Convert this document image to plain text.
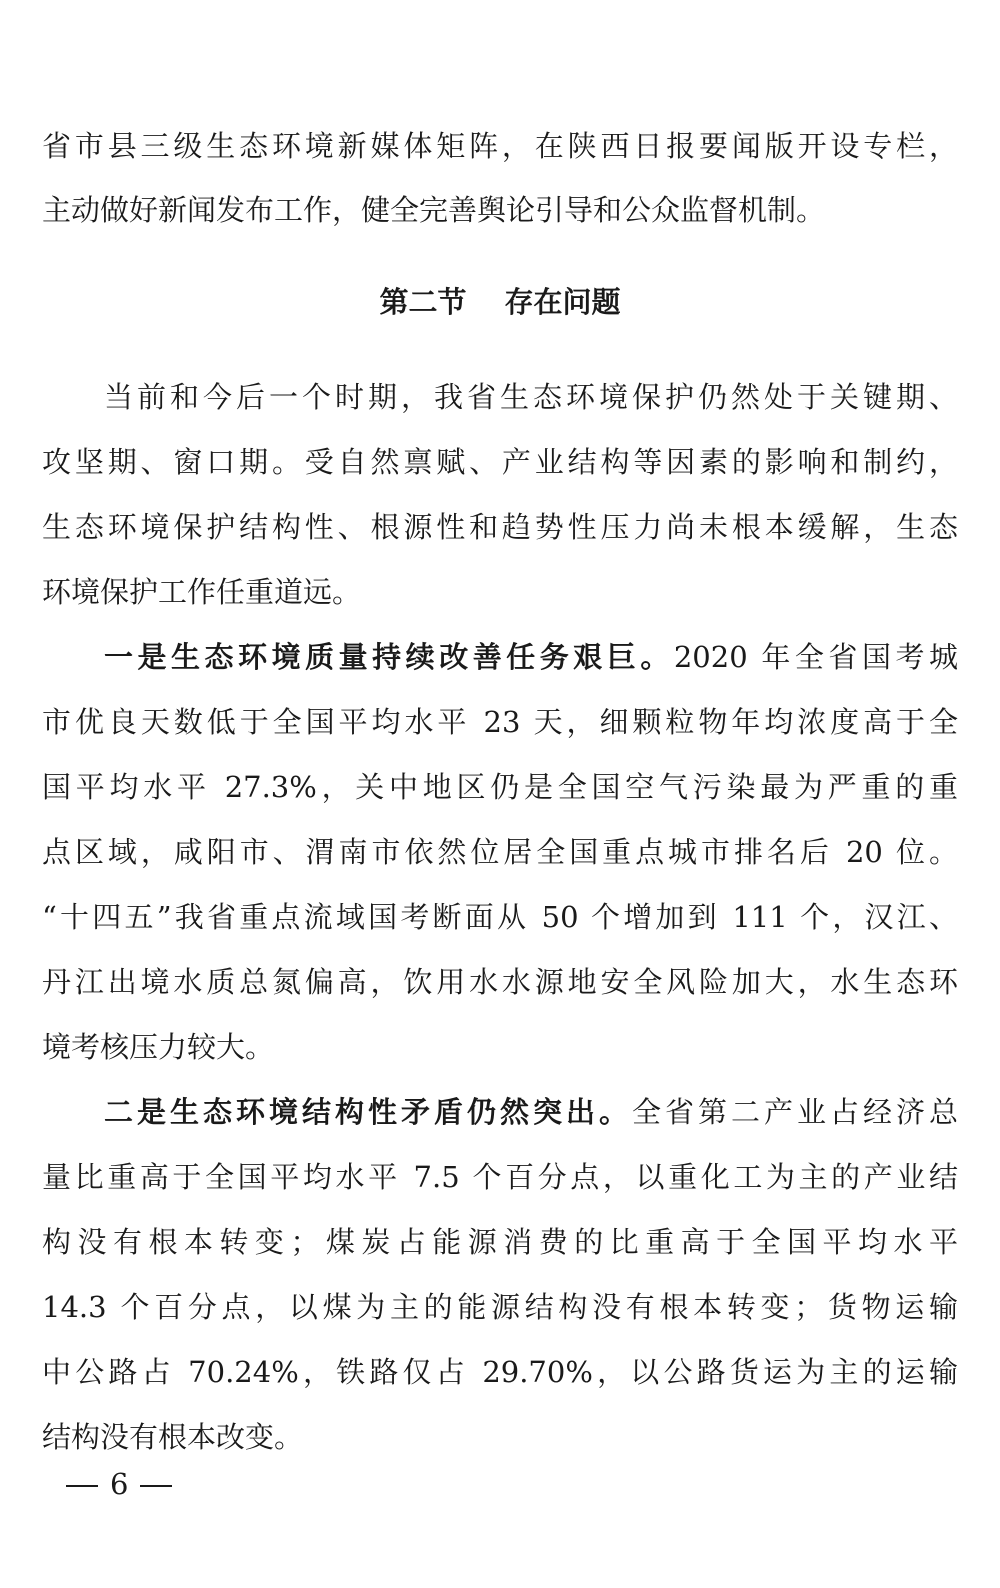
省市县三级生态环境新媒体矩阵，在陕西日报要闻版开设专栏，
主动做好新闻发布工作，健全完善舆论引导和公众监督机制。
第二节 存在问题
当前和今后一个时期，我省生态环境保护仍然处于关键期、
攻坚期、窗口期。受自然禀赋、产业结构等因素的影响和制约，
生态环境保护结构性、根源性和趋势性压力尚未根本缓解，生态
环境保护工作任重道远。
一是生态环境质量持续改善任务艰巨。2020 年全省国考城
市优良天数低于全国平均水平 23 天，细颗粒物年均浓度高于全
国平均水平 27.3%，关中地区仍是全国空气污染最为严重的重
点区域，咸阳市、渭南市依然位居全国重点城市排名后 20 位。
“十四五”我省重点流域国考断面从 50 个增加到 111 个，汉江、
丹江出境水质总氮偏高，饮用水水源地安全风险加大，水生态环
境考核压力较大。
二是生态环境结构性矛盾仍然突出。全省第二产业占经济总
量比重高于全国平均水平 7.5 个百分点，以重化工为主的产业结
构没有根本转变；煤炭占能源消费的比重高于全国平均水平
14.3 个百分点，以煤为主的能源结构没有根本转变；货物运输
中公路占 70.24%，铁路仅占 29.70%，以公路货运为主的运输
结构没有根本改变。
6
